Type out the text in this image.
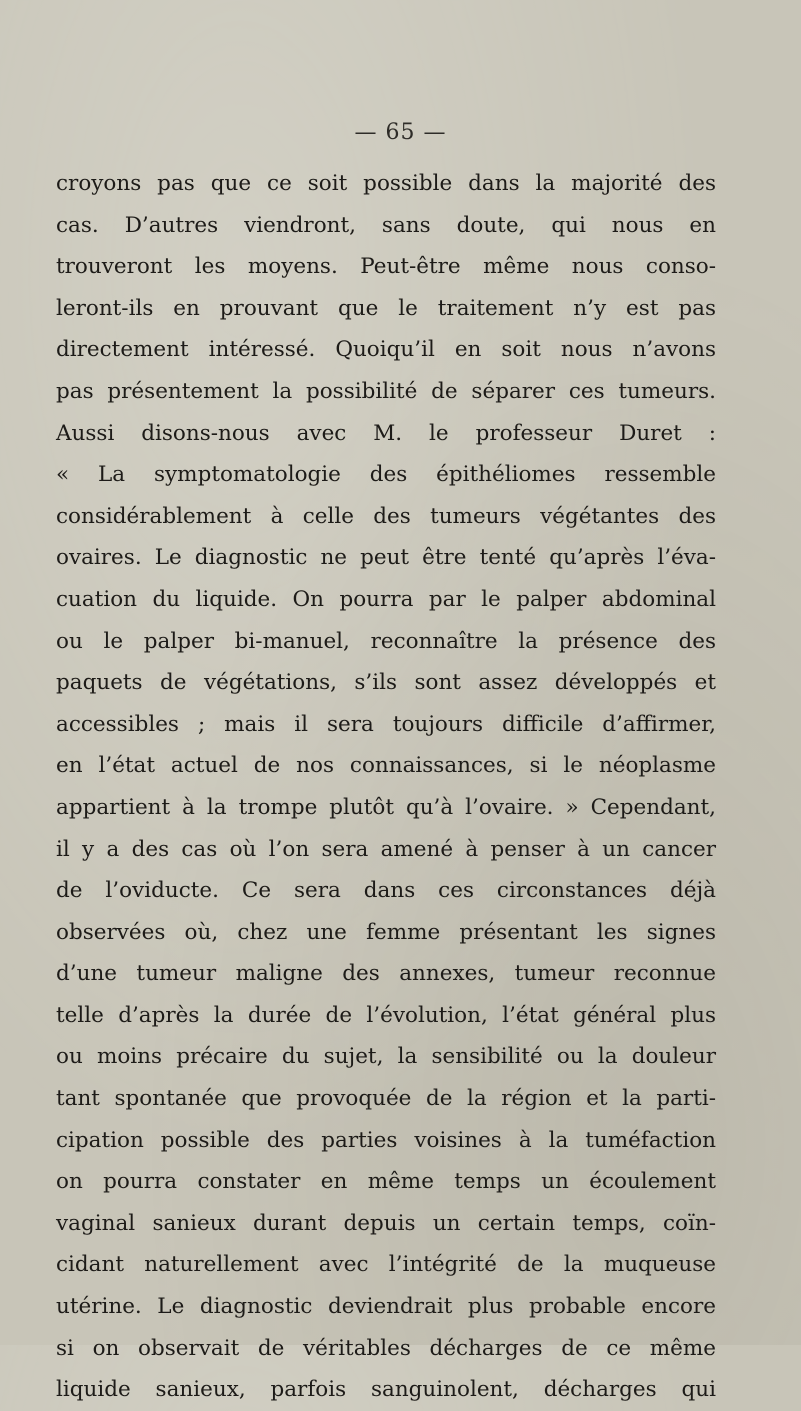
— 65 —
croyons pas que ce soit possible dans la majorité des
cas. D’autres viendront, sans doute, qui nous en
trouveront les moyens. Peut-être même nous conso-
leront-ils en prouvant que le traitement n’y est pas
directement intéressé. Quoiqu’il en soit nous n’avons
pas présentement la possibilité de séparer ces tumeurs.
Aussi disons-nous avec M. le professeur Duret :
« La symptomatologie des épithéliomes ressemble
considérablement à celle des tumeurs végétantes des
ovaires. Le diagnostic ne peut être tenté qu’après l’éva-
cuation du liquide. On pourra par le palper abdominal
ou le palper bi-manuel, reconnaître la présence des
paquets de végétations, s’ils sont assez développés et
accessibles ; mais il sera toujours difficile d’affirmer,
en l’état actuel de nos connaissances, si le néoplasme
appartient à la trompe plutôt qu’à l’ovaire. » Cependant,
il y a des cas où l’on sera amené à penser à un cancer
de l’oviducte. Ce sera dans ces circonstances déjà
observées où, chez une femme présentant les signes
d’une tumeur maligne des annexes, tumeur reconnue
telle d’après la durée de l’évolution, l’état général plus
ou moins précaire du sujet, la sensibilité ou la douleur
tant spontanée que provoquée de la région et la parti-
cipation possible des parties voisines à la tuméfaction
on pourra constater en même temps un écoulement
vaginal sanieux durant depuis un certain temps, coïn-
cidant naturellement avec l’intégrité de la muqueuse
utérine. Le diagnostic deviendrait plus probable encore
si on observait de véritables décharges de ce même
liquide sanieux, parfois sanguinolent, décharges qui
